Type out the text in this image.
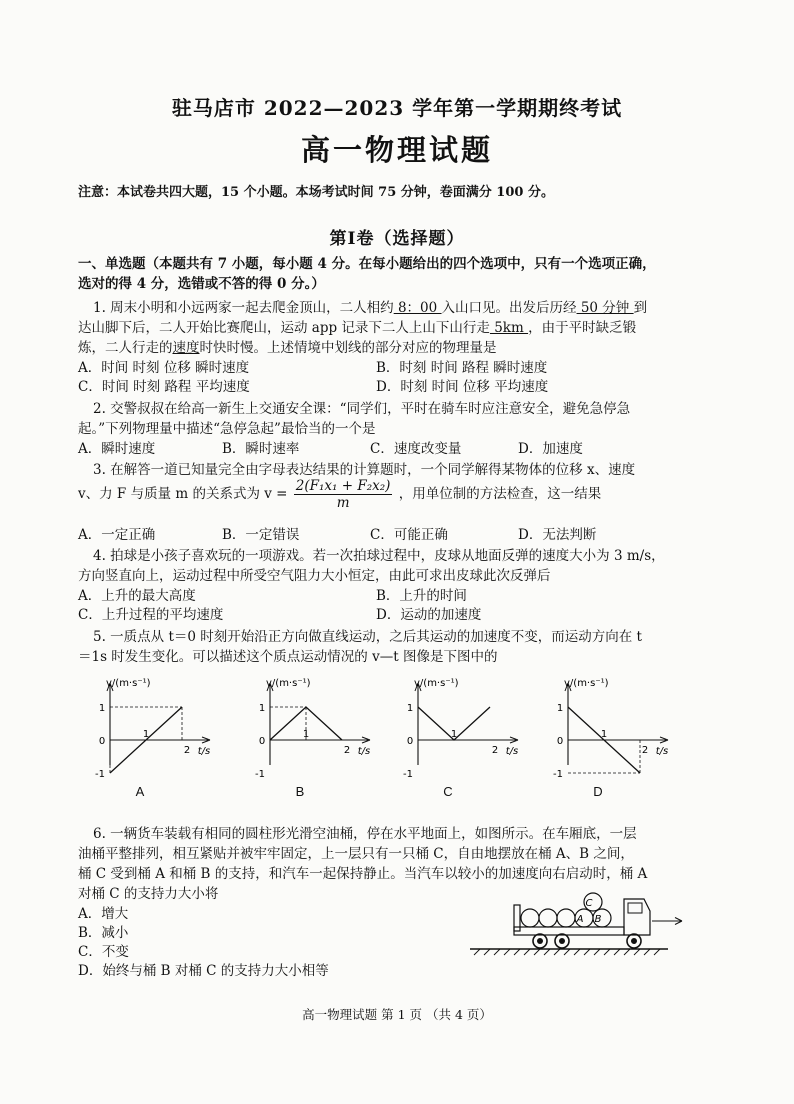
驻马店市 2022—2023 学年第一学期期终考试
高一物理试题
注意：本试卷共四大题，15 个小题。本场考试时间 75 分钟，卷面满分 100 分。
第Ⅰ卷（选择题）
一、单选题（本题共有 7 小题，每小题 4 分。在每小题给出的四个选项中，只有一个选项正确，
选对的得 4 分，选错或不答的得 0 分。）
1. 周末小明和小远两家一起去爬金顶山，二人相约 8：00 入山口见。出发后历经 50 分钟 到
达山脚下后，二人开始比赛爬山，运动 app 记录下二人上山下山行走 5km ，由于平时缺乏锻
炼，二人行走的速度时快时慢。上述情境中划线的部分对应的物理量是
A．时间 时刻 位移 瞬时速度	B．时刻 时间 路程 瞬时速度
C．时间 时刻 路程 平均速度	D．时刻 时间 位移 平均速度
2. 交警叔叔在给高一新生上交通安全课：“同学们，平时在骑车时应注意安全，避免急停急
起。”下列物理量中描述“急停急起”最恰当的一个是
A．瞬时速度	B．瞬时速率	C．速度改变量	D．加速度
3. 在解答一道已知量完全由字母表达结果的计算题时，一个同学解得某物体的位移 x、速度
v、力 F 与质量 m 的关系式为 $v = \frac{\text{2(F₁x₁ + F₂x₂)}}{m}$ ，用单位制的方法检查，这一结果
A．一定正确	B．一定错误	C．可能正确	D．无法判断
4. 拍球是小孩子喜欢玩的一项游戏。若一次拍球过程中，皮球从地面反弹的速度大小为 3 m/s，
方向竖直向上，运动过程中所受空气阻力大小恒定，由此可求出皮球此次反弹后
A．上升的最大高度	B．上升的时间
C．上升过程的平均速度	D．运动的加速度
5. 一质点从 t＝0 时刻开始沿正方向做直线运动，之后其运动的加速度不变，而运动方向在 t
＝1s 时发生变化。可以描述这个质点运动情况的 v—t 图像是下图中的
v/(m·s⁻¹)
t/s
1
0
-1
1
2
A
v/(m·s⁻¹)
t/s
1
0
-1
1
2
B
v/(m·s⁻¹)
t/s
1
0
-1
1
2
C
v/(m·s⁻¹)
t/s
1
0
-1
1
2
D
6. 一辆货车装载有相同的圆柱形光滑空油桶，停在水平地面上，如图所示。在车厢底，一层
油桶平整排列，相互紧贴并被牢牢固定，上一层只有一只桶 C，自由地摆放在桶 A、B 之间，
桶 C 受到桶 A 和桶 B 的支持，和汽车一起保持静止。当汽车以较小的加速度向右启动时，桶 A
对桶 C 的支持力大小将
A．增大
B．减小
C．不变
D．始终与桶 B 对桶 C 的支持力大小相等
A B
C
高一物理试题 第 1 页 （共 4 页）
